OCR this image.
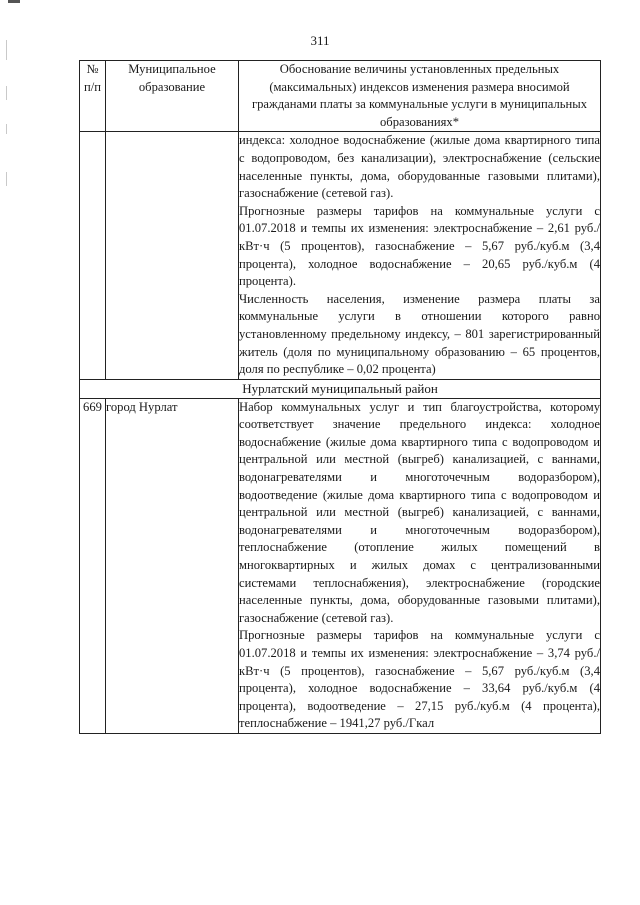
311
№ п/п	Муниципальное образование	Обоснование величины установленных предельных (максимальных) индексов изменения размера вносимой гражданами платы за коммунальные услуги в муниципальных образованиях*

		индекса: холодное водоснабжение (жилые дома квартирного типа с водопроводом, без канализации), электроснабжение (сельские населенные пункты, дома, оборудованные газовыми плитами), газоснабжение (сетевой газ).

Прогнозные размеры тарифов на коммунальные услуги с 01.07.2018 и темпы их изменения: электроснабжение – 2,61 руб./кВт·ч (5 процентов), газоснабжение – 5,67 руб./куб.м (3,4 процента), холодное водоснабжение – 20,65 руб./куб.м (4 процента).

Численность населения, изменение размера платы за коммунальные услуги в отношении которого равно установленному предельному индексу, – 801 зарегистрированный житель (доля по муниципальному образованию – 65 процентов, доля по республике – 0,02 процента)

Нурлатский муниципальный район		
669	город Нурлат	Набор коммунальных услуг и тип благоустройства, которому соответствует значение предельного индекса: холодное водоснабжение (жилые дома квартирного типа с водопроводом и центральной или местной (выгреб) канализацией, с ваннами, водонагревателями и многоточечным водоразбором), водоотведение (жилые дома квартирного типа с водопроводом и центральной или местной (выгреб) канализацией, с ваннами, водонагревателями и многоточечным водоразбором), теплоснабжение (отопление жилых помещений в многоквартирных и жилых домах с централизованными системами теплоснабжения), электроснабжение (городские населенные пункты, дома, оборудованные газовыми плитами), газоснабжение (сетевой газ).

Прогнозные размеры тарифов на коммунальные услуги с 01.07.2018 и темпы их изменения: электроснабжение – 3,74 руб./кВт·ч (5 процентов), газоснабжение – 5,67 руб./куб.м (3,4 процента), холодное водоснабжение – 33,64 руб./куб.м (4 процента), водоотведение – 27,15 руб./куб.м (4 процента), теплоснабжение – 1941,27 руб./Гкал
